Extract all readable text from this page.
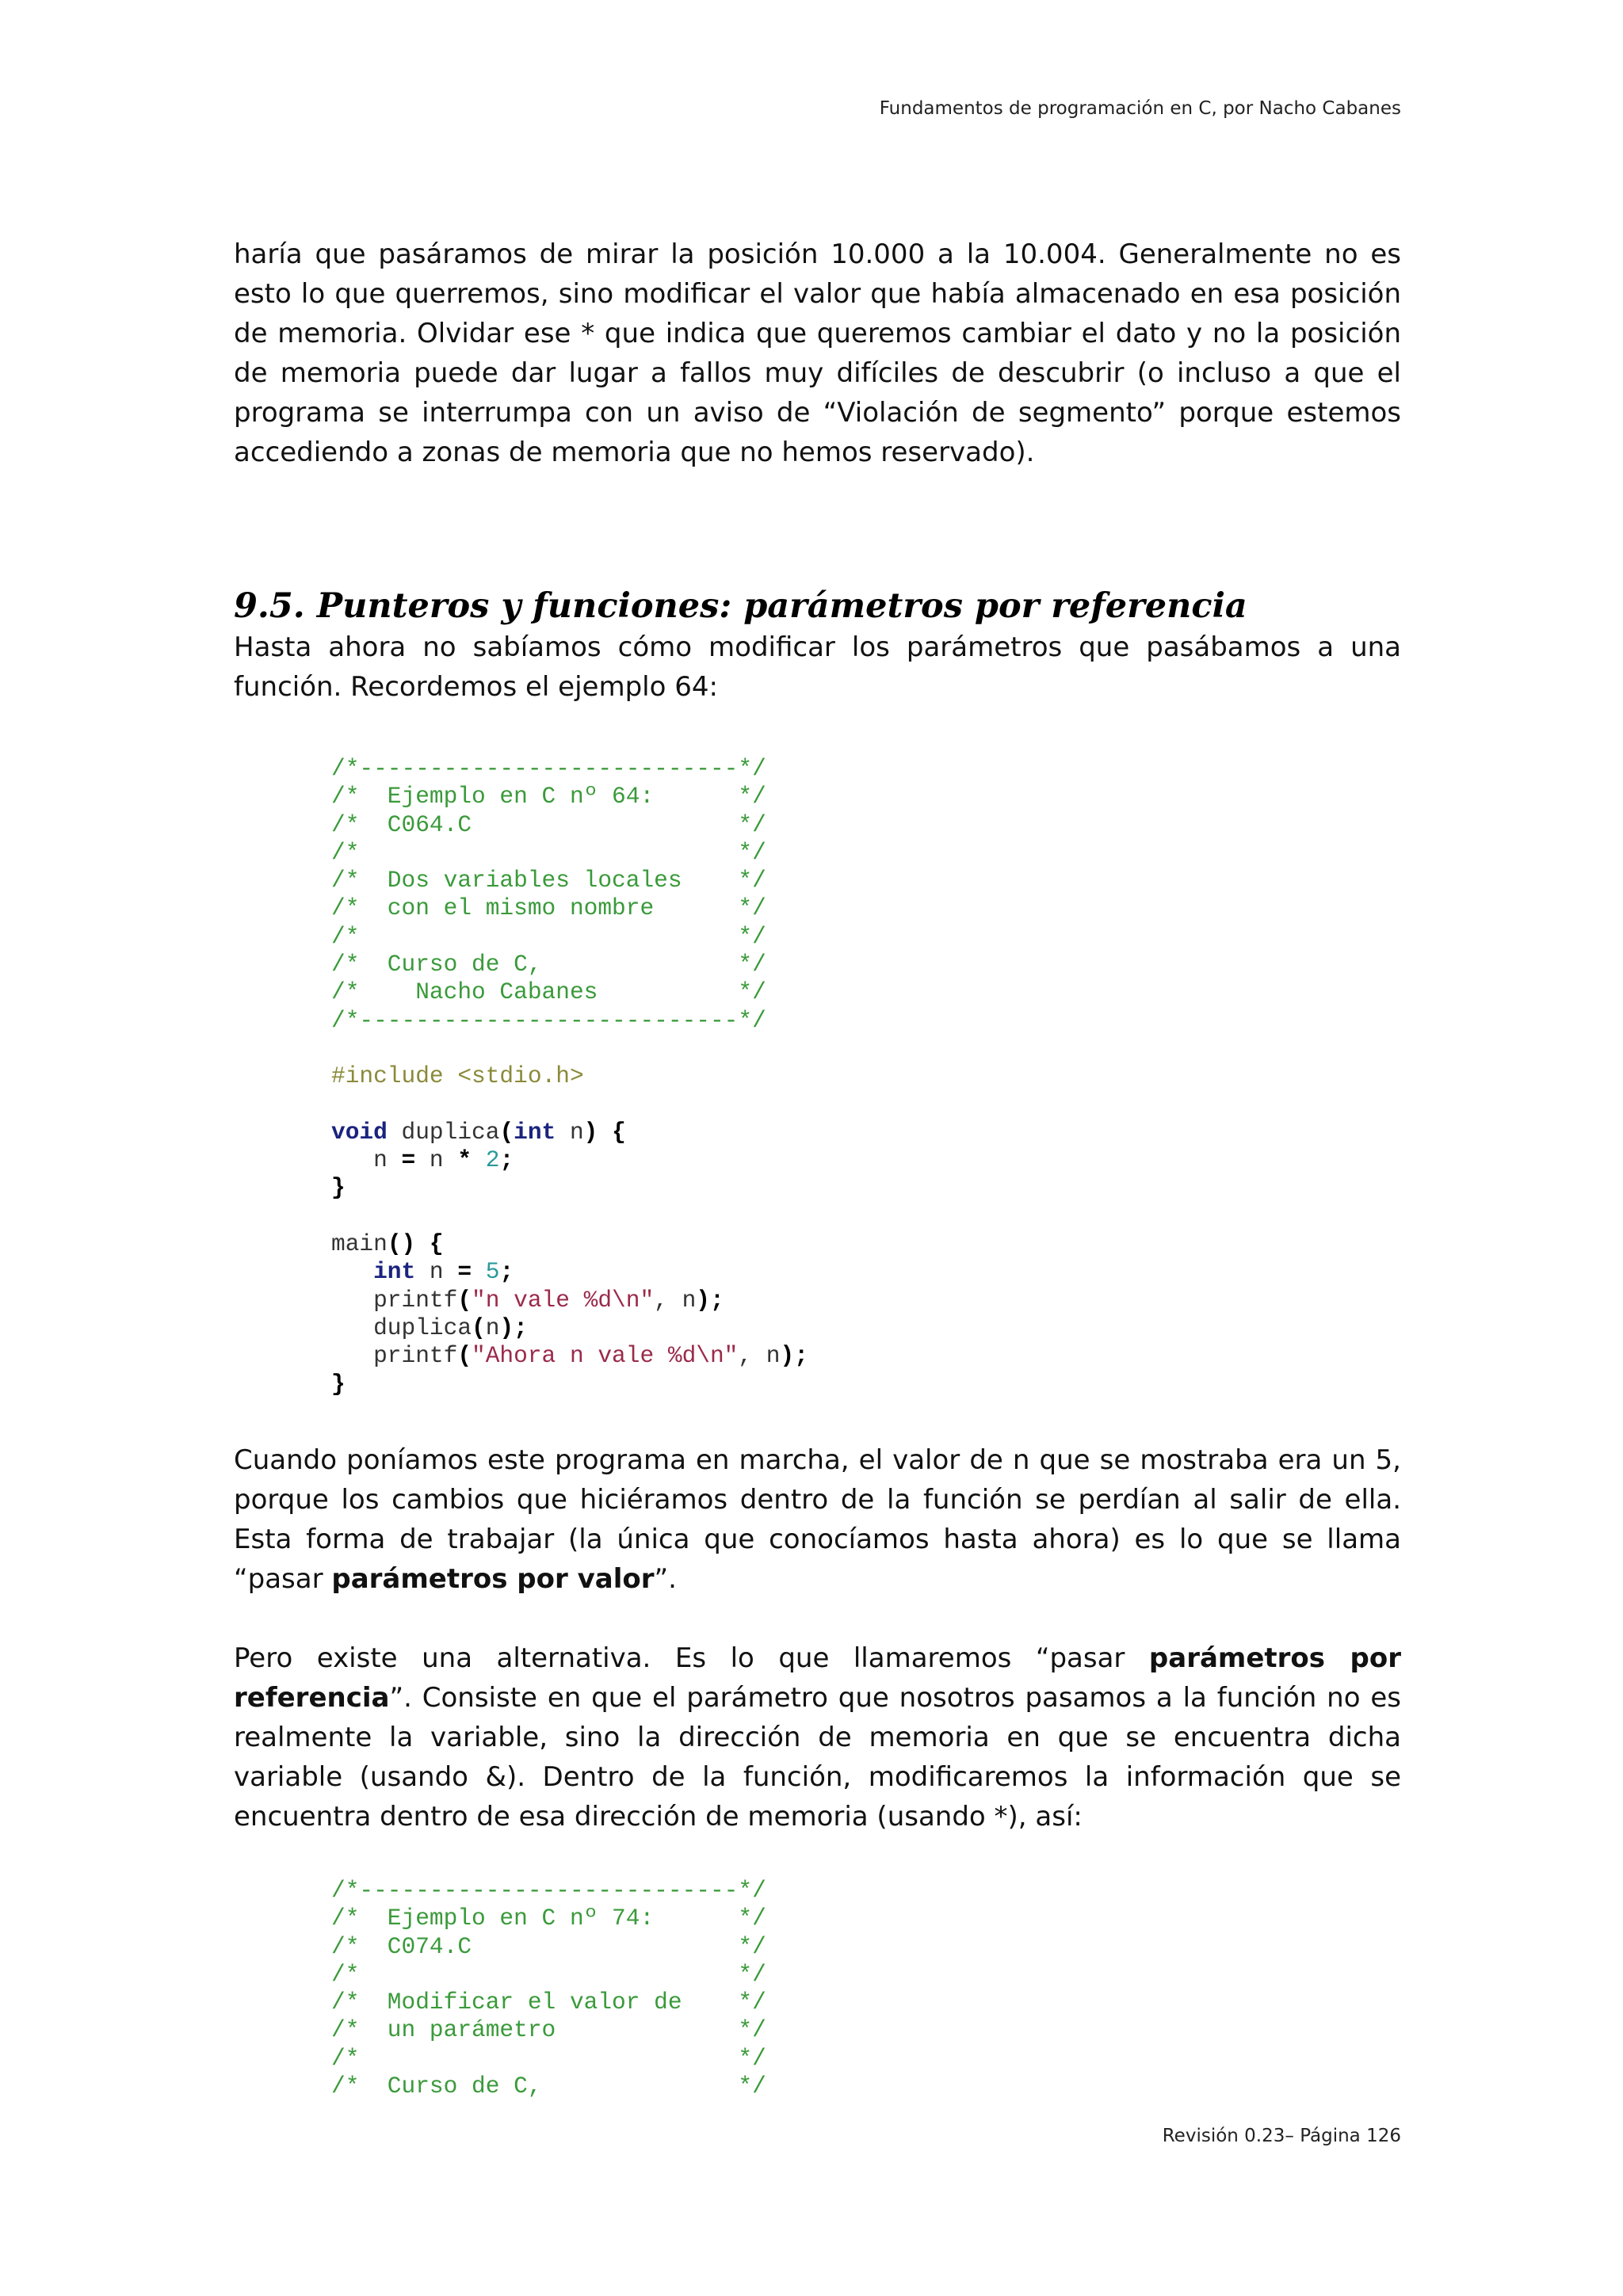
Fundamentos de programación en C, por Nacho Cabanes

haría que pasáramos de mirar la posición 10.000 a la 10.004. Generalmente no es esto lo que querremos, sino modificar el valor que había almacenado en esa posición de memoria. Olvidar ese * que indica que queremos cambiar el dato y no la posición de memoria puede dar lugar a fallos muy difíciles de descubrir (o incluso a que el programa se interrumpa con un aviso de “Violación de segmento” porque estemos accediendo a zonas de memoria que no hemos reservado).

9.5. Punteros y funciones: parámetros por referencia

Hasta ahora no sabíamos cómo modificar los parámetros que pasábamos a una función. Recordemos el ejemplo 64:

/*---------------------------*/
/*  Ejemplo en C nº 64:      */
/*  C064.C                   */
/*                           */
/*  Dos variables locales    */
/*  con el mismo nombre      */
/*                           */
/*  Curso de C,              */
/*    Nacho Cabanes          */
/*---------------------------*/
#include <stdio.h>
void duplica(int n) {
n = n * 2;
}
main() {
int n = 5;
printf("n vale %d\n", n);
duplica(n);
printf("Ahora n vale %d\n", n);
}

Cuando poníamos este programa en marcha, el valor de n que se mostraba era un 5, porque los cambios que hiciéramos dentro de la función se perdían al salir de ella. Esta forma de trabajar (la única que conocíamos hasta ahora) es lo que se llama “pasar parámetros por valor”.

Pero existe una alternativa. Es lo que llamaremos “pasar parámetros por referencia”. Consiste en que el parámetro que nosotros pasamos a la función no es realmente la variable, sino la dirección de memoria en que se encuentra dicha variable (usando &). Dentro de la función, modificaremos la información que se encuentra dentro de esa dirección de memoria (usando *), así:

/*---------------------------*/
/*  Ejemplo en C nº 74:      */
/*  C074.C                   */
/*                           */
/*  Modificar el valor de    */
/*  un parámetro             */
/*                           */
/*  Curso de C,              */
Revisión 0.23– Página 126
